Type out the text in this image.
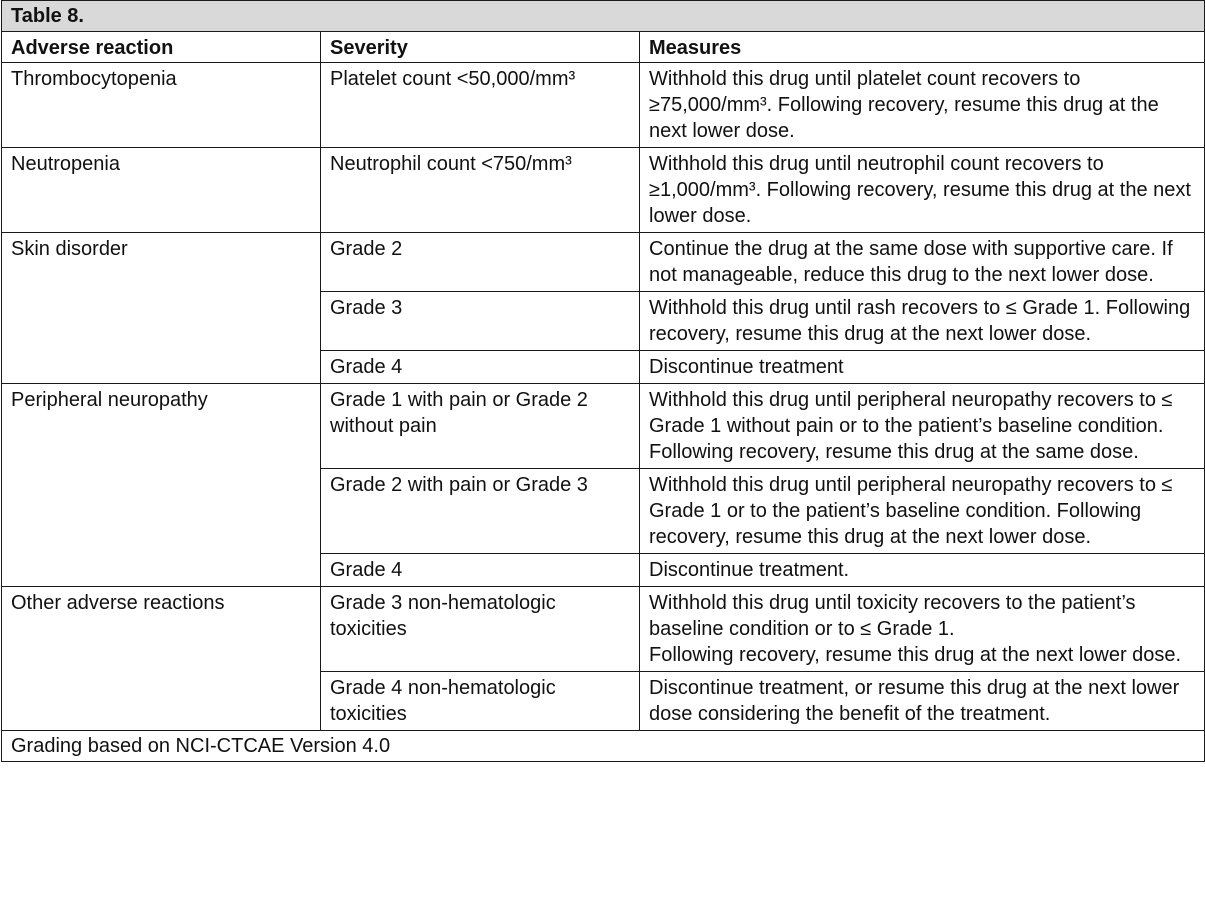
Table 8.		
Adverse reaction	Severity	Measures
Thrombocytopenia	Platelet count <50,000/mm³	Withhold this drug until platelet count recovers to ≥75,000/mm³. Following recovery, resume this drug at the next lower dose.

Neutropenia	Neutrophil count <750/mm³	Withhold this drug until neutrophil count recovers to ≥1,000/mm³. Following recovery, resume this drug at the next lower dose.

Skin disorder	Grade 2	Continue the drug at the same dose with supportive care. If not manageable, reduce this drug to the next lower dose.

	Grade 3	Withhold this drug until rash recovers to ≤ Grade 1. Following recovery, resume this drug at the next lower dose.

	Grade 4	Discontinue treatment

Peripheral neuropathy	Grade 1 with pain or Grade 2 without pain	Withhold this drug until peripheral neuropathy recovers to ≤ Grade 1 without pain or to the patient’s baseline condition. Following recovery, resume this drug at the same dose.

	Grade 2 with pain or Grade 3	Withhold this drug until peripheral neuropathy recovers to ≤ Grade 1 or to the patient’s baseline condition. Following recovery, resume this drug at the next lower dose.

	Grade 4	Discontinue treatment.

Other adverse reactions	Grade 3 non-hematologic toxicities	Withhold this drug until toxicity recovers to the patient’s baseline condition or to ≤ Grade 1.
Following recovery, resume this drug at the next lower dose.

	Grade 4 non-hematologic toxicities	Discontinue treatment, or resume this drug at the next lower dose considering the benefit of the treatment.

Grading based on NCI-CTCAE Version 4.0		
